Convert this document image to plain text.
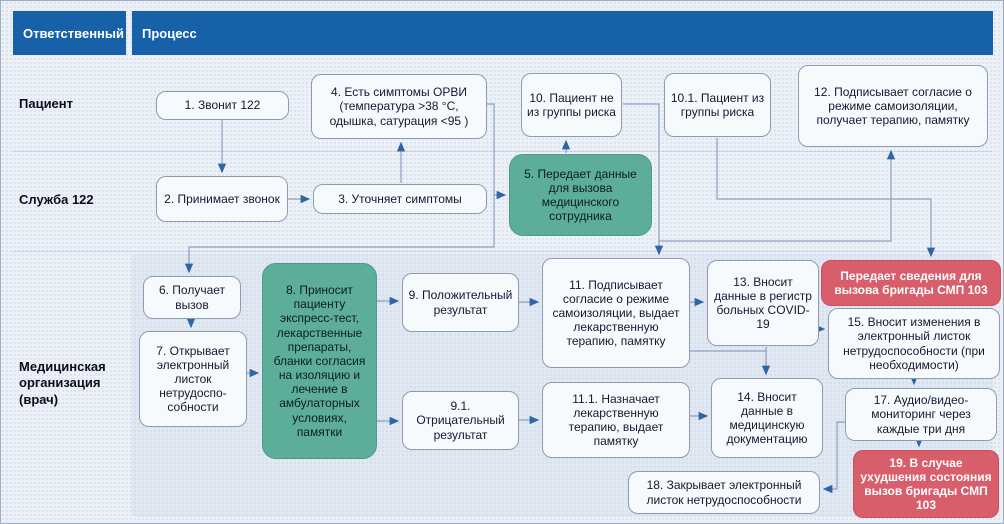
Ответственный Процесс
Пациент
Служба 122
Медицинская организация (врач)
1. Звонит 122
4. Есть симптомы ОРВИ (температура >38 °С, одышка, сатурация <95 )
10. Пациент не из группы риска
10.1. Пациент из группы риска
12. Подписывает согласие о режиме самоизоляции, получает терапию, памятку
2. Принимает звонок	3. Уточняет симптомы
5. Передает данные для вызова медицинского сотрудника
6. Получает вызов
7. Открывает электронный листок нетрудоспо-собности
8. Приносит пациенту экспресс-тест, лекарственные препараты, бланки согласия на изоляцию и лечение в амбулаторных условиях, памятки
9. Положительный результат
9.1. Отрицательный результат
11. Подписывает согласие о режиме самоизоляции, выдает лекарственную терапию, памятку
11.1. Назначает лекарственную терапию, выдает памятку
13. Вносит данные в регистр больных COVID-19
14. Вносит данные в медицинскую документацию
Передает сведения для вызова бригады СМП 103
15. Вносит изменения в электронный листок нетрудоспособности (при необходимости)
17. Аудио/видео-мониторинг через каждые три дня
19. В случае ухудшения состояния вызов бригады СМП 103
18. Закрывает электронный листок нетрудоспособности
